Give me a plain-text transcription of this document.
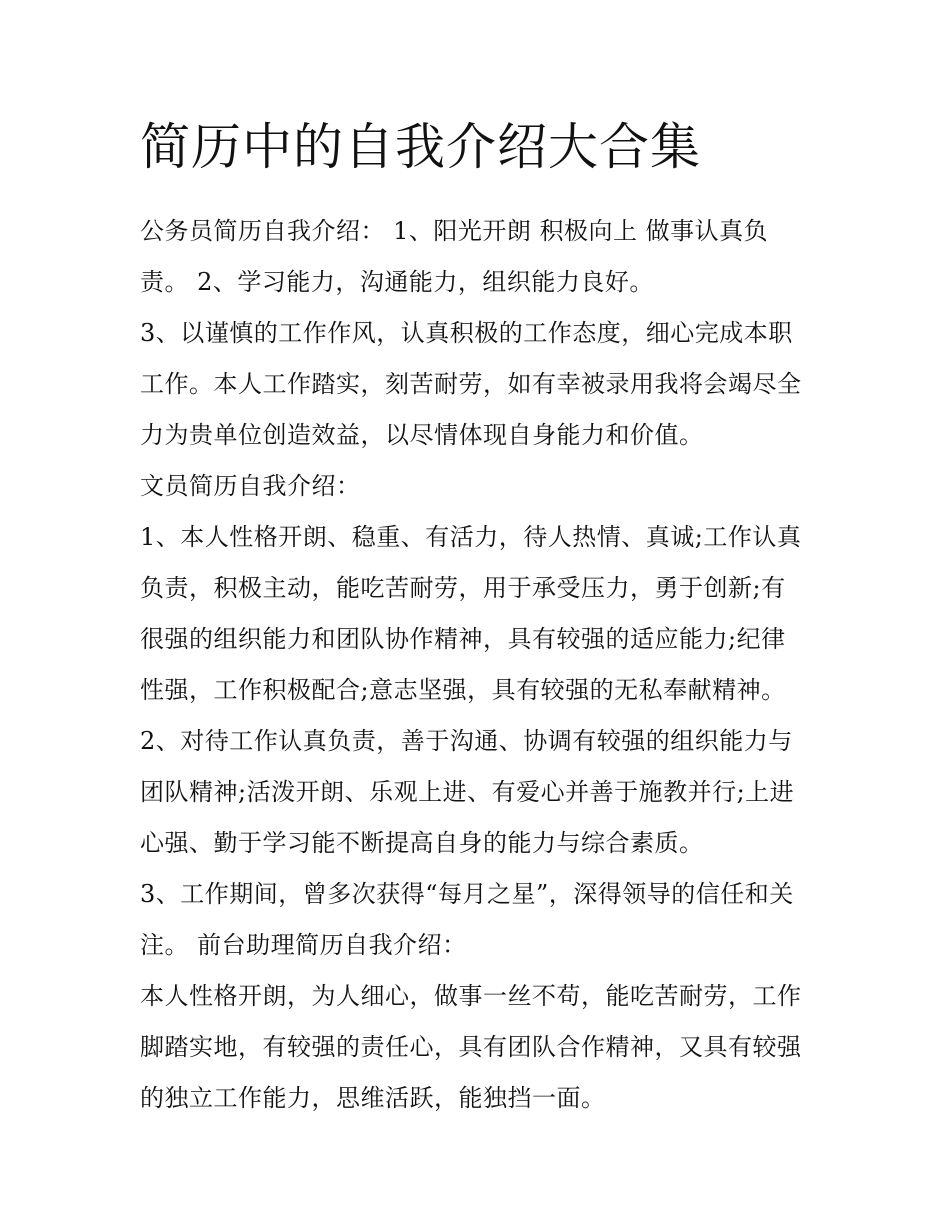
简历中的自我介绍大合集

公务员简历自我介绍： 1、阳光开朗 积极向上 做事认真负
责。 2、学习能力，沟通能力，组织能力良好。

3、以谨慎的工作作风，认真积极的工作态度，细心完成本职
工作。本人工作踏实，刻苦耐劳，如有幸被录用我将会竭尽全
力为贵单位创造效益，以尽情体现自身能力和价值。

文员简历自我介绍：

1、本人性格开朗、稳重、有活力，待人热情、真诚;工作认真
负责，积极主动，能吃苦耐劳，用于承受压力，勇于创新;有
很强的组织能力和团队协作精神，具有较强的适应能力;纪律
性强，工作积极配合;意志坚强，具有较强的无私奉献精神。

2、对待工作认真负责，善于沟通、协调有较强的组织能力与
团队精神;活泼开朗、乐观上进、有爱心并善于施教并行;上进
心强、勤于学习能不断提高自身的能力与综合素质。

3、工作期间，曾多次获得“每月之星”，深得领导的信任和关
注。 前台助理简历自我介绍：

本人性格开朗，为人细心，做事一丝不苟，能吃苦耐劳，工作
脚踏实地，有较强的责任心，具有团队合作精神，又具有较强
的独立工作能力，思维活跃，能独挡一面。
